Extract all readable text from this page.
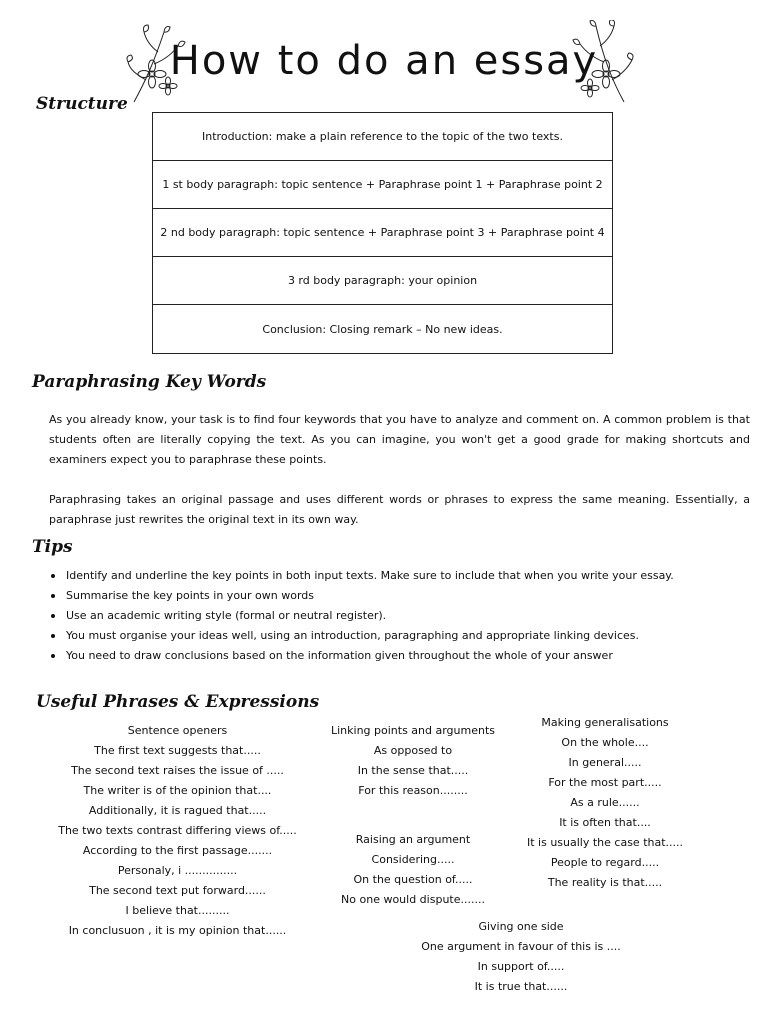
How to do an essay
Structure
Introduction: make a plain reference to the topic of the two texts.
1 st body paragraph: topic sentence + Paraphrase point 1 + Paraphrase point 2
2 nd body paragraph: topic sentence + Paraphrase point 3 + Paraphrase point 4
3 rd body paragraph: your opinion
Conclusion: Closing remark – No new ideas.
Paraphrasing Key Words

As you already know, your task is to find four keywords that you have to analyze and comment on. A common problem is that students often are literally copying the text. As you can imagine, you won't get a good grade for making shortcuts and examiners expect you to paraphrase these points.

Paraphrasing takes an original passage and uses different words or phrases to express the same meaning. Essentially, a paraphrase just rewrites the original text in its own way.

Tips
Identify and underline the key points in both input texts. Make sure to include that when you write your essay.
Summarise the key points in your own words
Use an academic writing style (formal or neutral register).
You must organise your ideas well, using an introduction, paragraphing and appropriate linking devices.
You need to draw conclusions based on the information given throughout the whole of your answer
Useful Phrases & Expressions
Sentence openers
The first text suggests that.....
The second text raises the issue of .....
The writer is of the opinion that....
Additionally, it is ragued that.....
The two texts contrast differing views of.....
According to the first passage.......
Personaly, i ...............
The second text put forward......
I believe that.........
In conclusuon , it is my opinion that......
Linking points and arguments
As opposed to
In the sense that.....
For this reason........
Raising an argument
Considering.....
On the question of.....
No one would dispute.......
Making generalisations
On the whole....
In general.....
For the most part.....
As a rule......
It is often that....
It is usually the case that.....
People to regard.....
The reality is that.....
Giving one side
One argument in favour of this is ....
In support of.....
It is true that......
